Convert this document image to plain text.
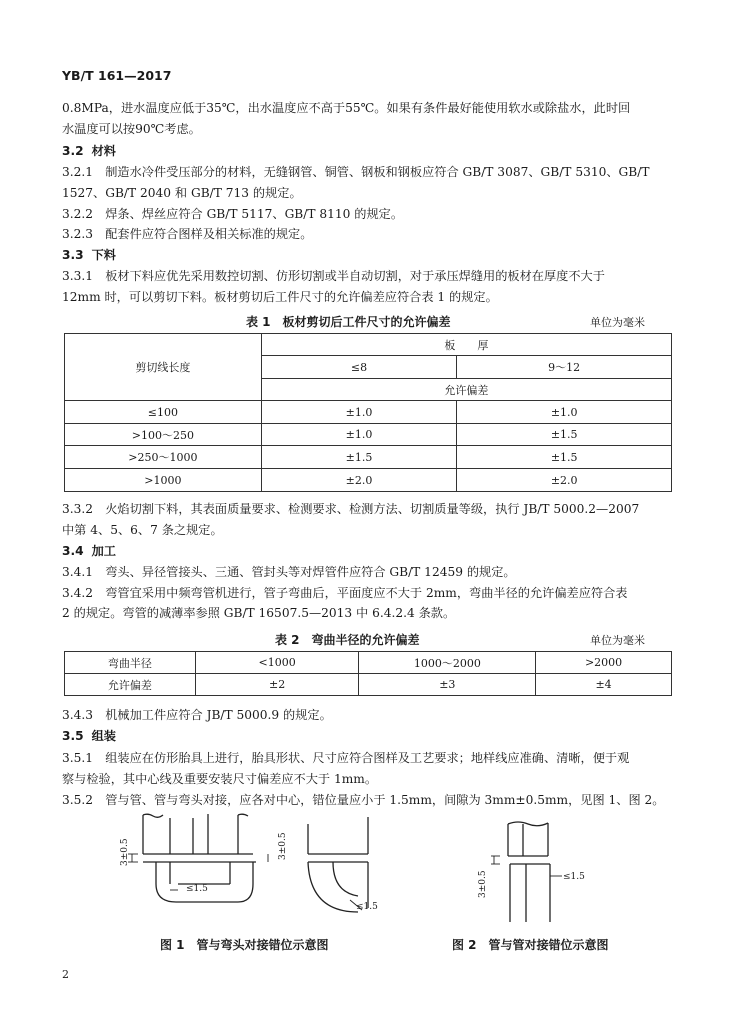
YB/T 161—2017
0.8MPa，进水温度应低于35℃，出水温度应不高于55℃。如果有条件最好能使用软水或除盐水，此时回
水温度可以按90℃考虑。
3.2 材料
3.2.1　制造水冷件受压部分的材料，无缝钢管、铜管、钢板和钢板应符合 GB/T 3087、GB/T 5310、GB/T
1527、GB/T 2040 和 GB/T 713 的规定。
3.2.2　焊条、焊丝应符合 GB/T 5117、GB/T 8110 的规定。
3.2.3　配套件应符合图样及相关标准的规定。
3.3 下料
3.3.1　板材下料应优先采用数控切割、仿形切割或半自动切割，对于承压焊缝用的板材在厚度不大于
12mm 时，可以剪切下料。板材剪切后工件尺寸的允许偏差应符合表 1 的规定。
表 1　板材剪切后工件尺寸的允许偏差	单位为毫米
剪切线长度	板　　厚	
	≤8	9～12
	允许偏差	
≤100	±1.0	±1.0
>100～250	±1.0	±1.5
>250～1000	±1.5	±1.5
>1000	±2.0	±2.0
3.3.2　火焰切割下料，其表面质量要求、检测要求、检测方法、切割质量等级，执行 JB/T 5000.2—2007
中第 4、5、6、7 条之规定。
3.4 加工
3.4.1　弯头、异径管接头、三通、管封头等对焊管件应符合 GB/T 12459 的规定。
3.4.2　弯管宜采用中频弯管机进行，管子弯曲后，平面度应不大于 2mm，弯曲半径的允许偏差应符合表
2 的规定。弯管的减薄率参照 GB/T 16507.5—2013 中 6.4.2.4 条款。
表 2　弯曲半径的允许偏差	单位为毫米
弯曲半径	<1000	1000～2000	>2000
允许偏差	±2	±3	±4
3.4.3　机械加工件应符合 JB/T 5000.9 的规定。
3.5 组装
3.5.1　组装应在仿形胎具上进行，胎具形状、尺寸应符合图样及工艺要求；地样线应准确、清晰，便于观
察与检验，其中心线及重要安装尺寸偏差应不大于 1mm。
3.5.2　管与管、管与弯头对接，应各对中心，错位量应小于 1.5mm，间隙为 3mm±0.5mm，见图 1、图 2。
3±0.5
≤1.5
3±0.5
≤1.5
3±0.5	≤1.5
图 1　管与弯头对接错位示意图	图 2　管与管对接错位示意图
2
